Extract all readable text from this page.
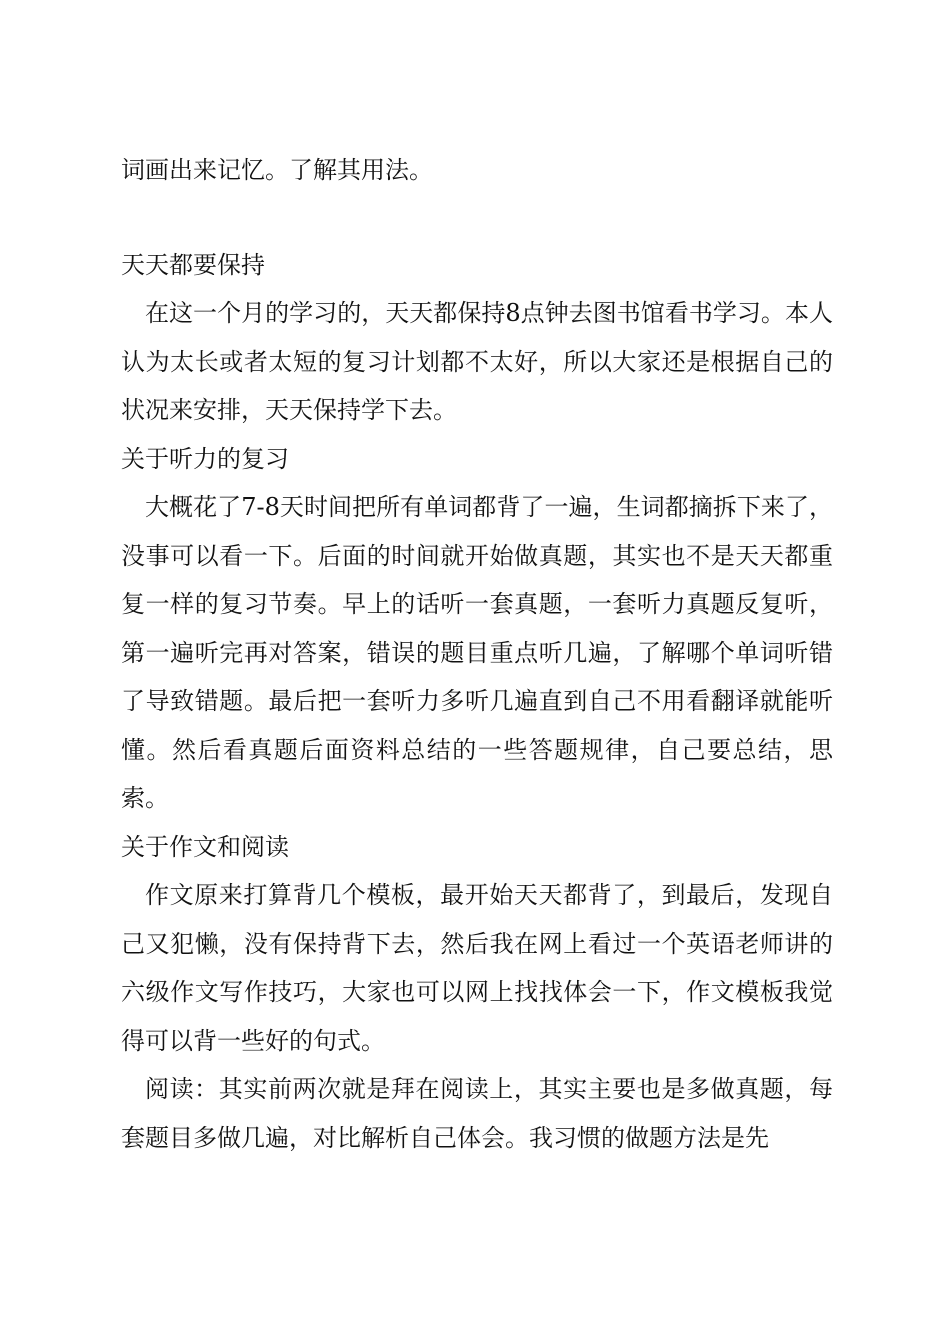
词画出来记忆。了解其用法。

天天都要保持

在这一个月的学习的，天天都保持8点钟去图书馆看书学习。本人认为太长或者太短的复习计划都不太好，所以大家还是根据自己的状况来安排，天天保持学下去。

关于听力的复习

大概花了7-8天时间把所有单词都背了一遍，生词都摘拆下来了，没事可以看一下。后面的时间就开始做真题，其实也不是天天都重复一样的复习节奏。早上的话听一套真题，一套听力真题反复听，第一遍听完再对答案，错误的题目重点听几遍，了解哪个单词听错了导致错题。最后把一套听力多听几遍直到自己不用看翻译就能听懂。然后看真题后面资料总结的一些答题规律，自己要总结，思索。

关于作文和阅读

作文原来打算背几个模板，最开始天天都背了，到最后，发现自己又犯懒，没有保持背下去，然后我在网上看过一个英语老师讲的六级作文写作技巧，大家也可以网上找找体会一下，作文模板我觉得可以背一些好的句式。

阅读：其实前两次就是拜在阅读上，其实主要也是多做真题，每套题目多做几遍，对比解析自己体会。我习惯的做题方法是先
